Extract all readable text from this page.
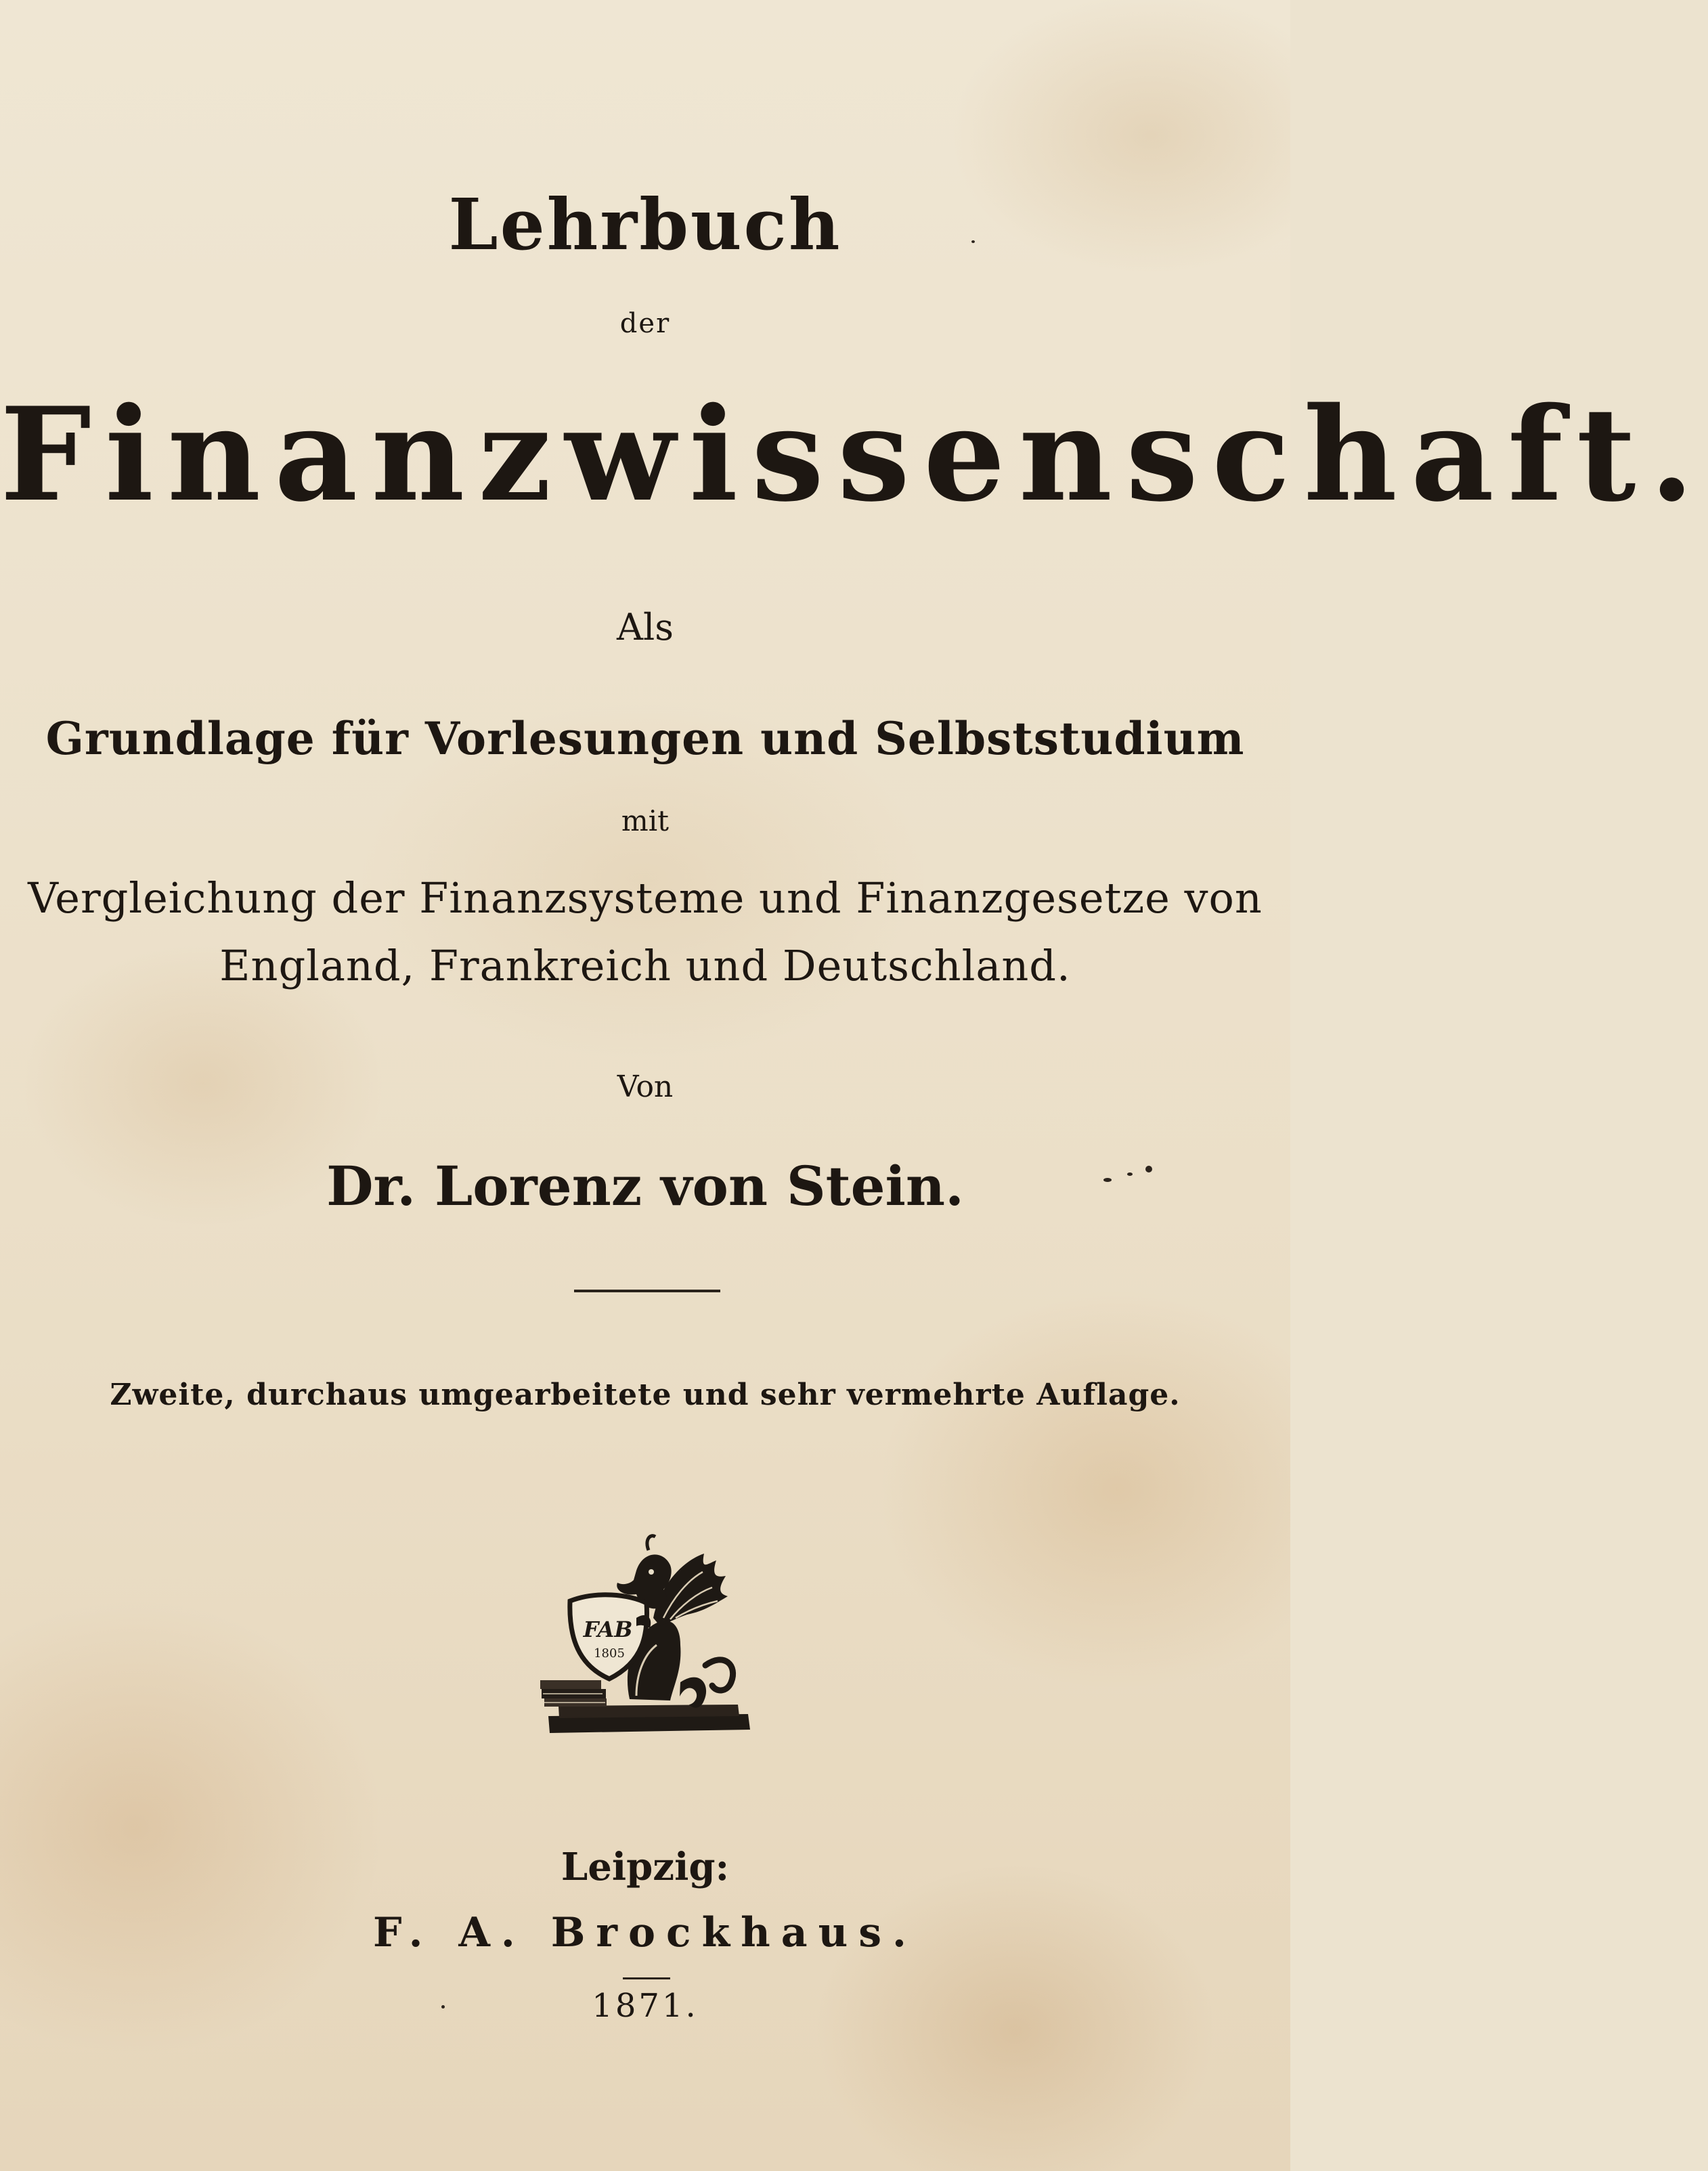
Lehrbuch
der
Finanzwissenschaft.
Als
Grundlage für Vorlesungen und Selbststudium
mit
Vergleichung der Finanzsysteme und Finanzgesetze von
England, Frankreich und Deutschland.
Von
Dr. Lorenz von Stein.
Zweite, durchaus umgearbeitete und sehr vermehrte Auflage.
FAB
1805
Leipzig:
F. A. Brockhaus.
1871.
